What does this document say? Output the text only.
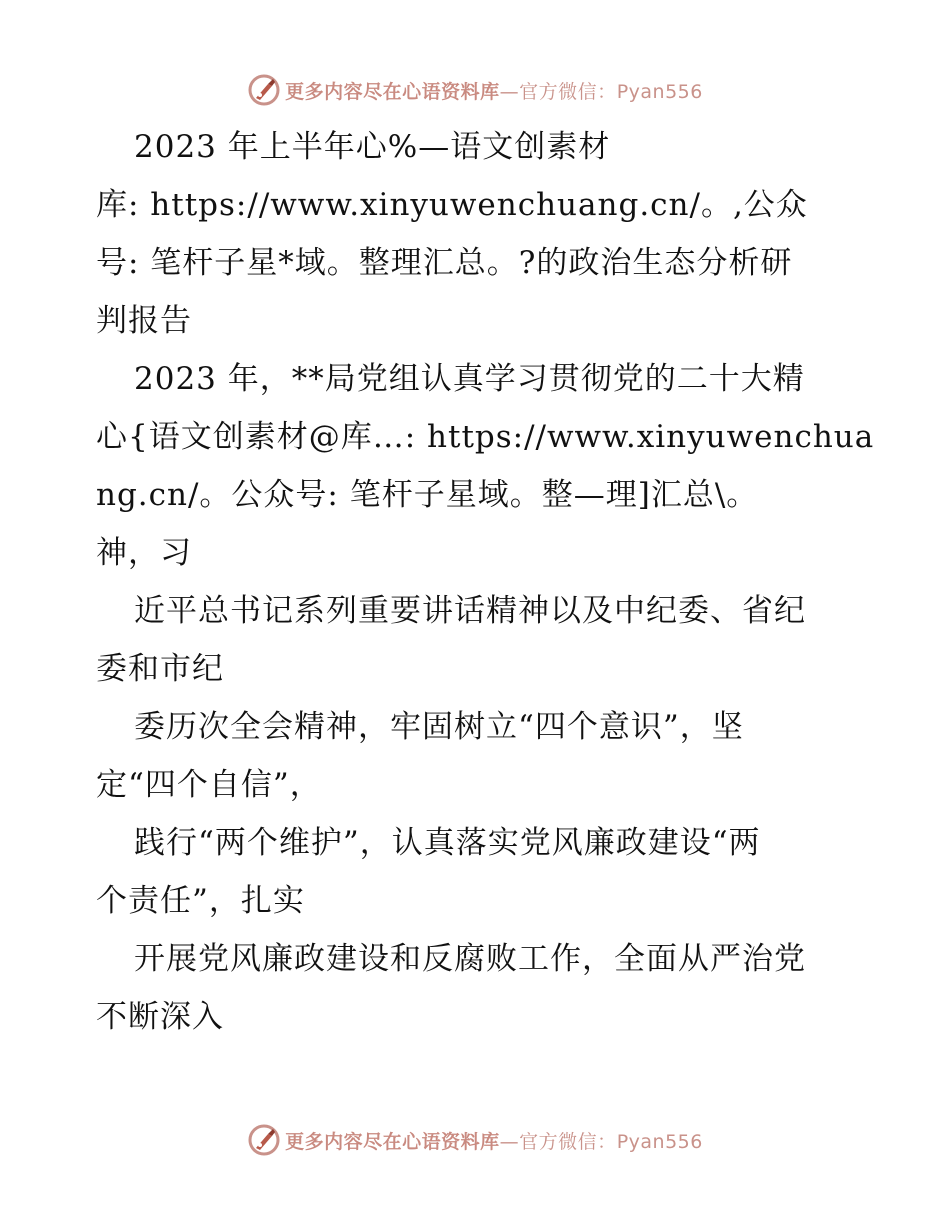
更多内容尽在心语资料库—官方微信：Pyan556
2023 年上半年心%—语文创素材
库: https://www.xinyuwenchuang.cn/。,公众
号: 笔杆子星*域。整理汇总。?的政治生态分析研
判报告
2023 年，**局党组认真学习贯彻党的二十大精
心{语文创素材@库…: https://www.xinyuwenchua
ng.cn/。公众号: 笔杆子星域。整—理]汇总\。
神，习
近平总书记系列重要讲话精神以及中纪委、省纪
委和市纪
委历次全会精神，牢固树立“四个意识”，坚
定“四个自信”，
践行“两个维护”，认真落实党风廉政建设“两
个责任”，扎实
开展党风廉政建设和反腐败工作，全面从严治党
不断深入
更多内容尽在心语资料库—官方微信：Pyan556
